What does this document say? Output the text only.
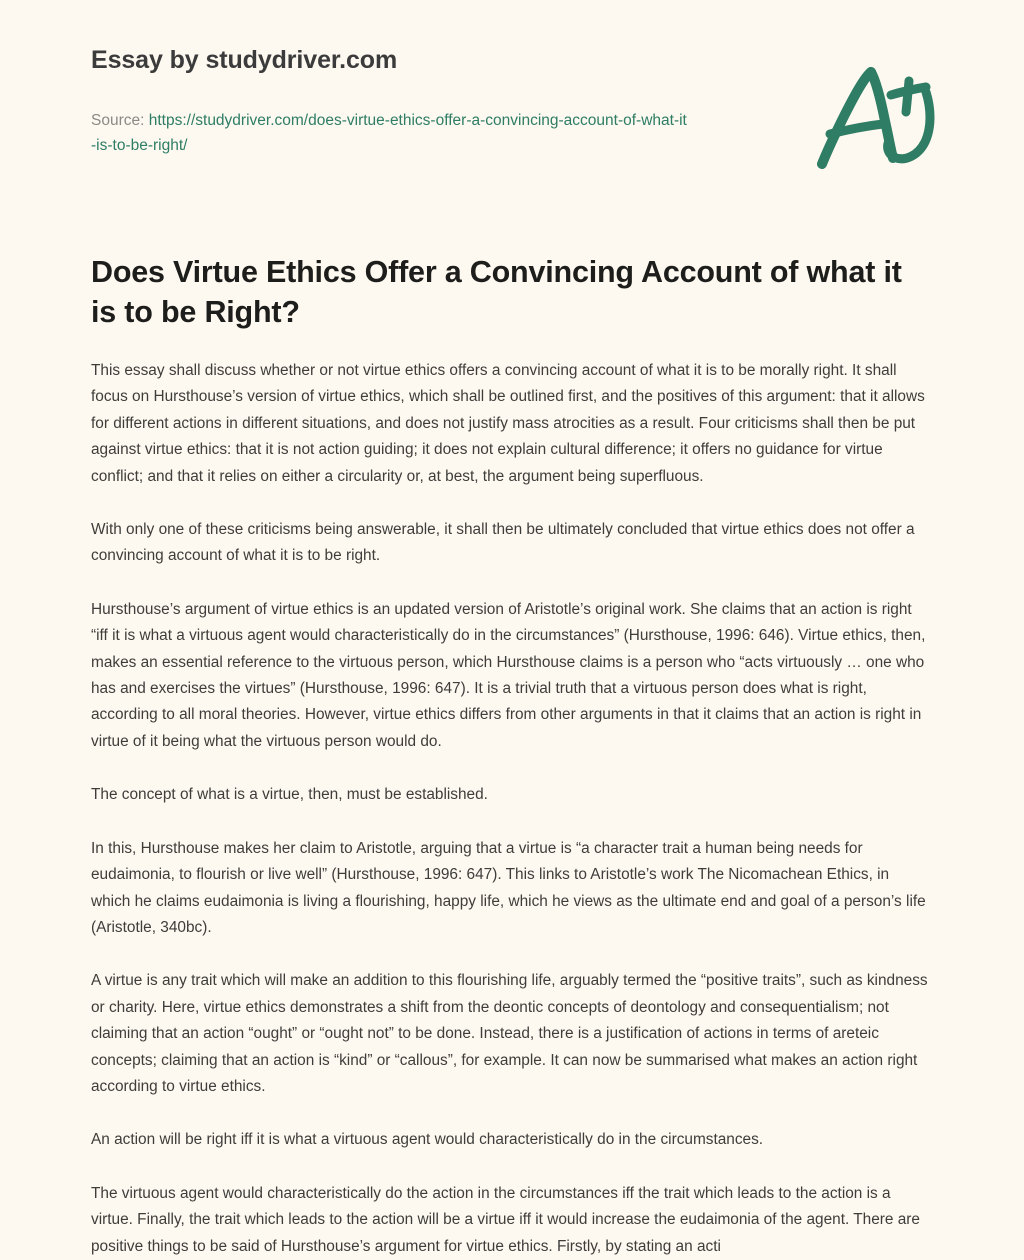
Essay by studydriver.com
Source: https://studydriver.com/does-virtue-ethics-offer-a-convincing-account-of-what-it-is-to-be-right/
Does Virtue Ethics Offer a Convincing Account of what it is to be Right?

This essay shall discuss whether or not virtue ethics offers a convincing account of what it is to be morally right. It shall focus on Hursthouse’s version of virtue ethics, which shall be outlined first, and the positives of this argument: that it allows for different actions in different situations, and does not justify mass atrocities as a result. Four criticisms shall then be put against virtue ethics: that it is not action guiding; it does not explain cultural difference; it offers no guidance for virtue conflict; and that it relies on either a circularity or, at best, the argument being superfluous.

With only one of these criticisms being answerable, it shall then be ultimately concluded that virtue ethics does not offer a convincing account of what it is to be right.

Hursthouse’s argument of virtue ethics is an updated version of Aristotle’s original work. She claims that an action is right “iff it is what a virtuous agent would characteristically do in the circumstances” (Hursthouse, 1996: 646). Virtue ethics, then, makes an essential reference to the virtuous person, which Hursthouse claims is a person who “acts virtuously … one who has and exercises the virtues” (Hursthouse, 1996: 647). It is a trivial truth that a virtuous person does what is right, according to all moral theories. However, virtue ethics differs from other arguments in that it claims that an action is right in virtue of it being what the virtuous person would do.

The concept of what is a virtue, then, must be established.

In this, Hursthouse makes her claim to Aristotle, arguing that a virtue is “a character trait a human being needs for eudaimonia, to flourish or live well” (Hursthouse, 1996: 647). This links to Aristotle’s work The Nicomachean Ethics, in which he claims eudaimonia is living a flourishing, happy life, which he views as the ultimate end and goal of a person’s life (Aristotle, 340bc).

A virtue is any trait which will make an addition to this flourishing life, arguably termed the “positive traits”, such as kindness or charity. Here, virtue ethics demonstrates a shift from the deontic concepts of deontology and consequentialism; not claiming that an action “ought” or “ought not” to be done. Instead, there is a justification of actions in terms of areteic concepts; claiming that an action is “kind” or “callous”, for example. It can now be summarised what makes an action right according to virtue ethics.

An action will be right iff it is what a virtuous agent would characteristically do in the circumstances.

The virtuous agent would characteristically do the action in the circumstances iff the trait which leads to the action is a virtue. Finally, the trait which leads to the action will be a virtue iff it would increase the eudaimonia of the agent. There are positive things to be said of Hursthouse’s argument for virtue ethics. Firstly, by stating an acti
